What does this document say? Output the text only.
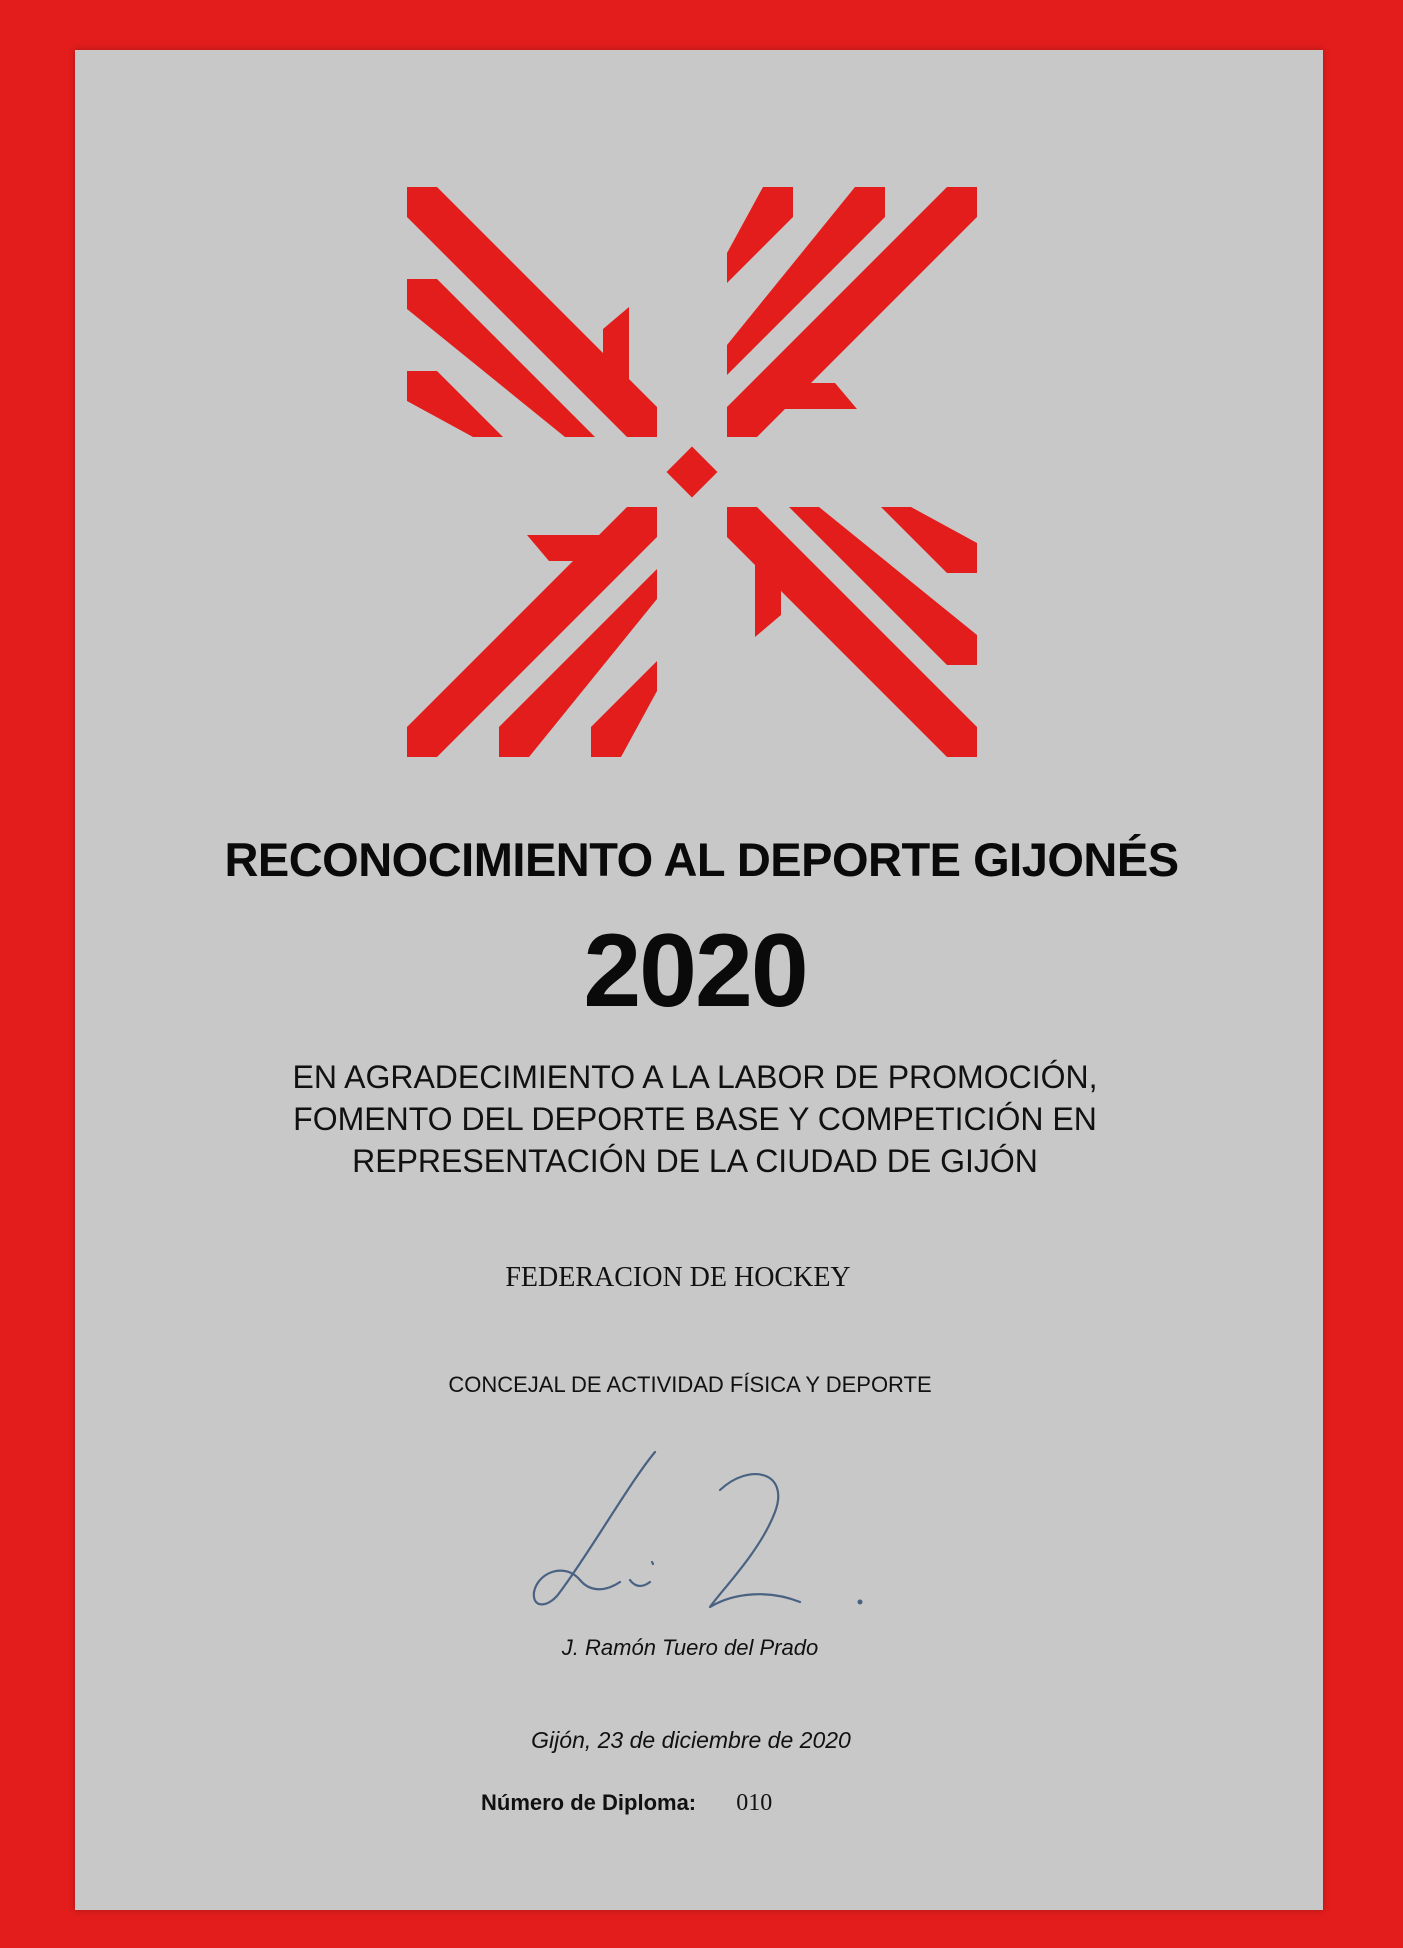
RECONOCIMIENTO AL DEPORTE GIJONÉS
2020
EN AGRADECIMIENTO A LA LABOR DE PROMOCIÓN,
FOMENTO DEL DEPORTE BASE Y COMPETICIÓN EN
REPRESENTACIÓN DE LA CIUDAD DE GIJÓN
FEDERACION DE HOCKEY
CONCEJAL DE ACTIVIDAD FÍSICA Y DEPORTE
J. Ramón Tuero del Prado
Gijón, 23 de diciembre de 2020
Número de Diploma: 010
